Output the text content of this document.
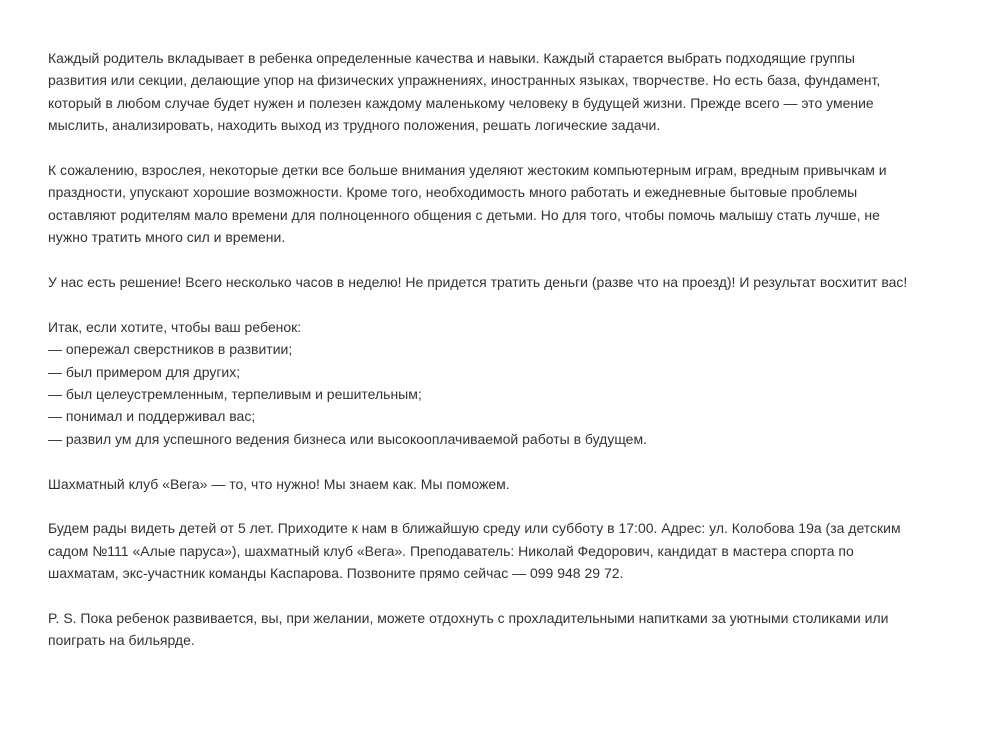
Каждый родитель вкладывает в ребенка определенные качества и навыки. Каждый старается выбрать подходящие группы
развития или секции, делающие упор на физических упражнениях, иностранных языках, творчестве. Но есть база, фундамент,
который в любом случае будет нужен и полезен каждому маленькому человеку в будущей жизни. Прежде всего — это умение
мыслить, анализировать, находить выход из трудного положения, решать логические задачи.

К сожалению, взрослея, некоторые детки все больше внимания уделяют жестоким компьютерным играм, вредным привычкам и
праздности, упускают хорошие возможности. Кроме того, необходимость много работать и ежедневные бытовые проблемы
оставляют родителям мало времени для полноценного общения с детьми. Но для того, чтобы помочь малышу стать лучше, не
нужно тратить много сил и времени.

У нас есть решение! Всего несколько часов в неделю! Не придется тратить деньги (разве что на проезд)! И результат восхитит вас!

Итак, если хотите, чтобы ваш ребенок:
— опережал сверстников в развитии;
— был примером для других;
— был целеустремленным, терпеливым и решительным;
— понимал и поддерживал вас;
— развил ум для успешного ведения бизнеса или высокооплачиваемой работы в будущем.

Шахматный клуб «Вега» — то, что нужно! Мы знаем как. Мы поможем.

Будем рады видеть детей от 5 лет. Приходите к нам в ближайшую среду или субботу в 17:00. Адрес: ул. Колобова 19а (за детским
садом №111 «Алые паруса»), шахматный клуб «Вега». Преподаватель: Николай Федорович, кандидат в мастера спорта по
шахматам, экс-участник команды Каспарова. Позвоните прямо сейчас — 099 948 29 72.

P. S. Пока ребенок развивается, вы, при желании, можете отдохнуть с прохладительными напитками за уютными столиками или
поиграть на бильярде.
